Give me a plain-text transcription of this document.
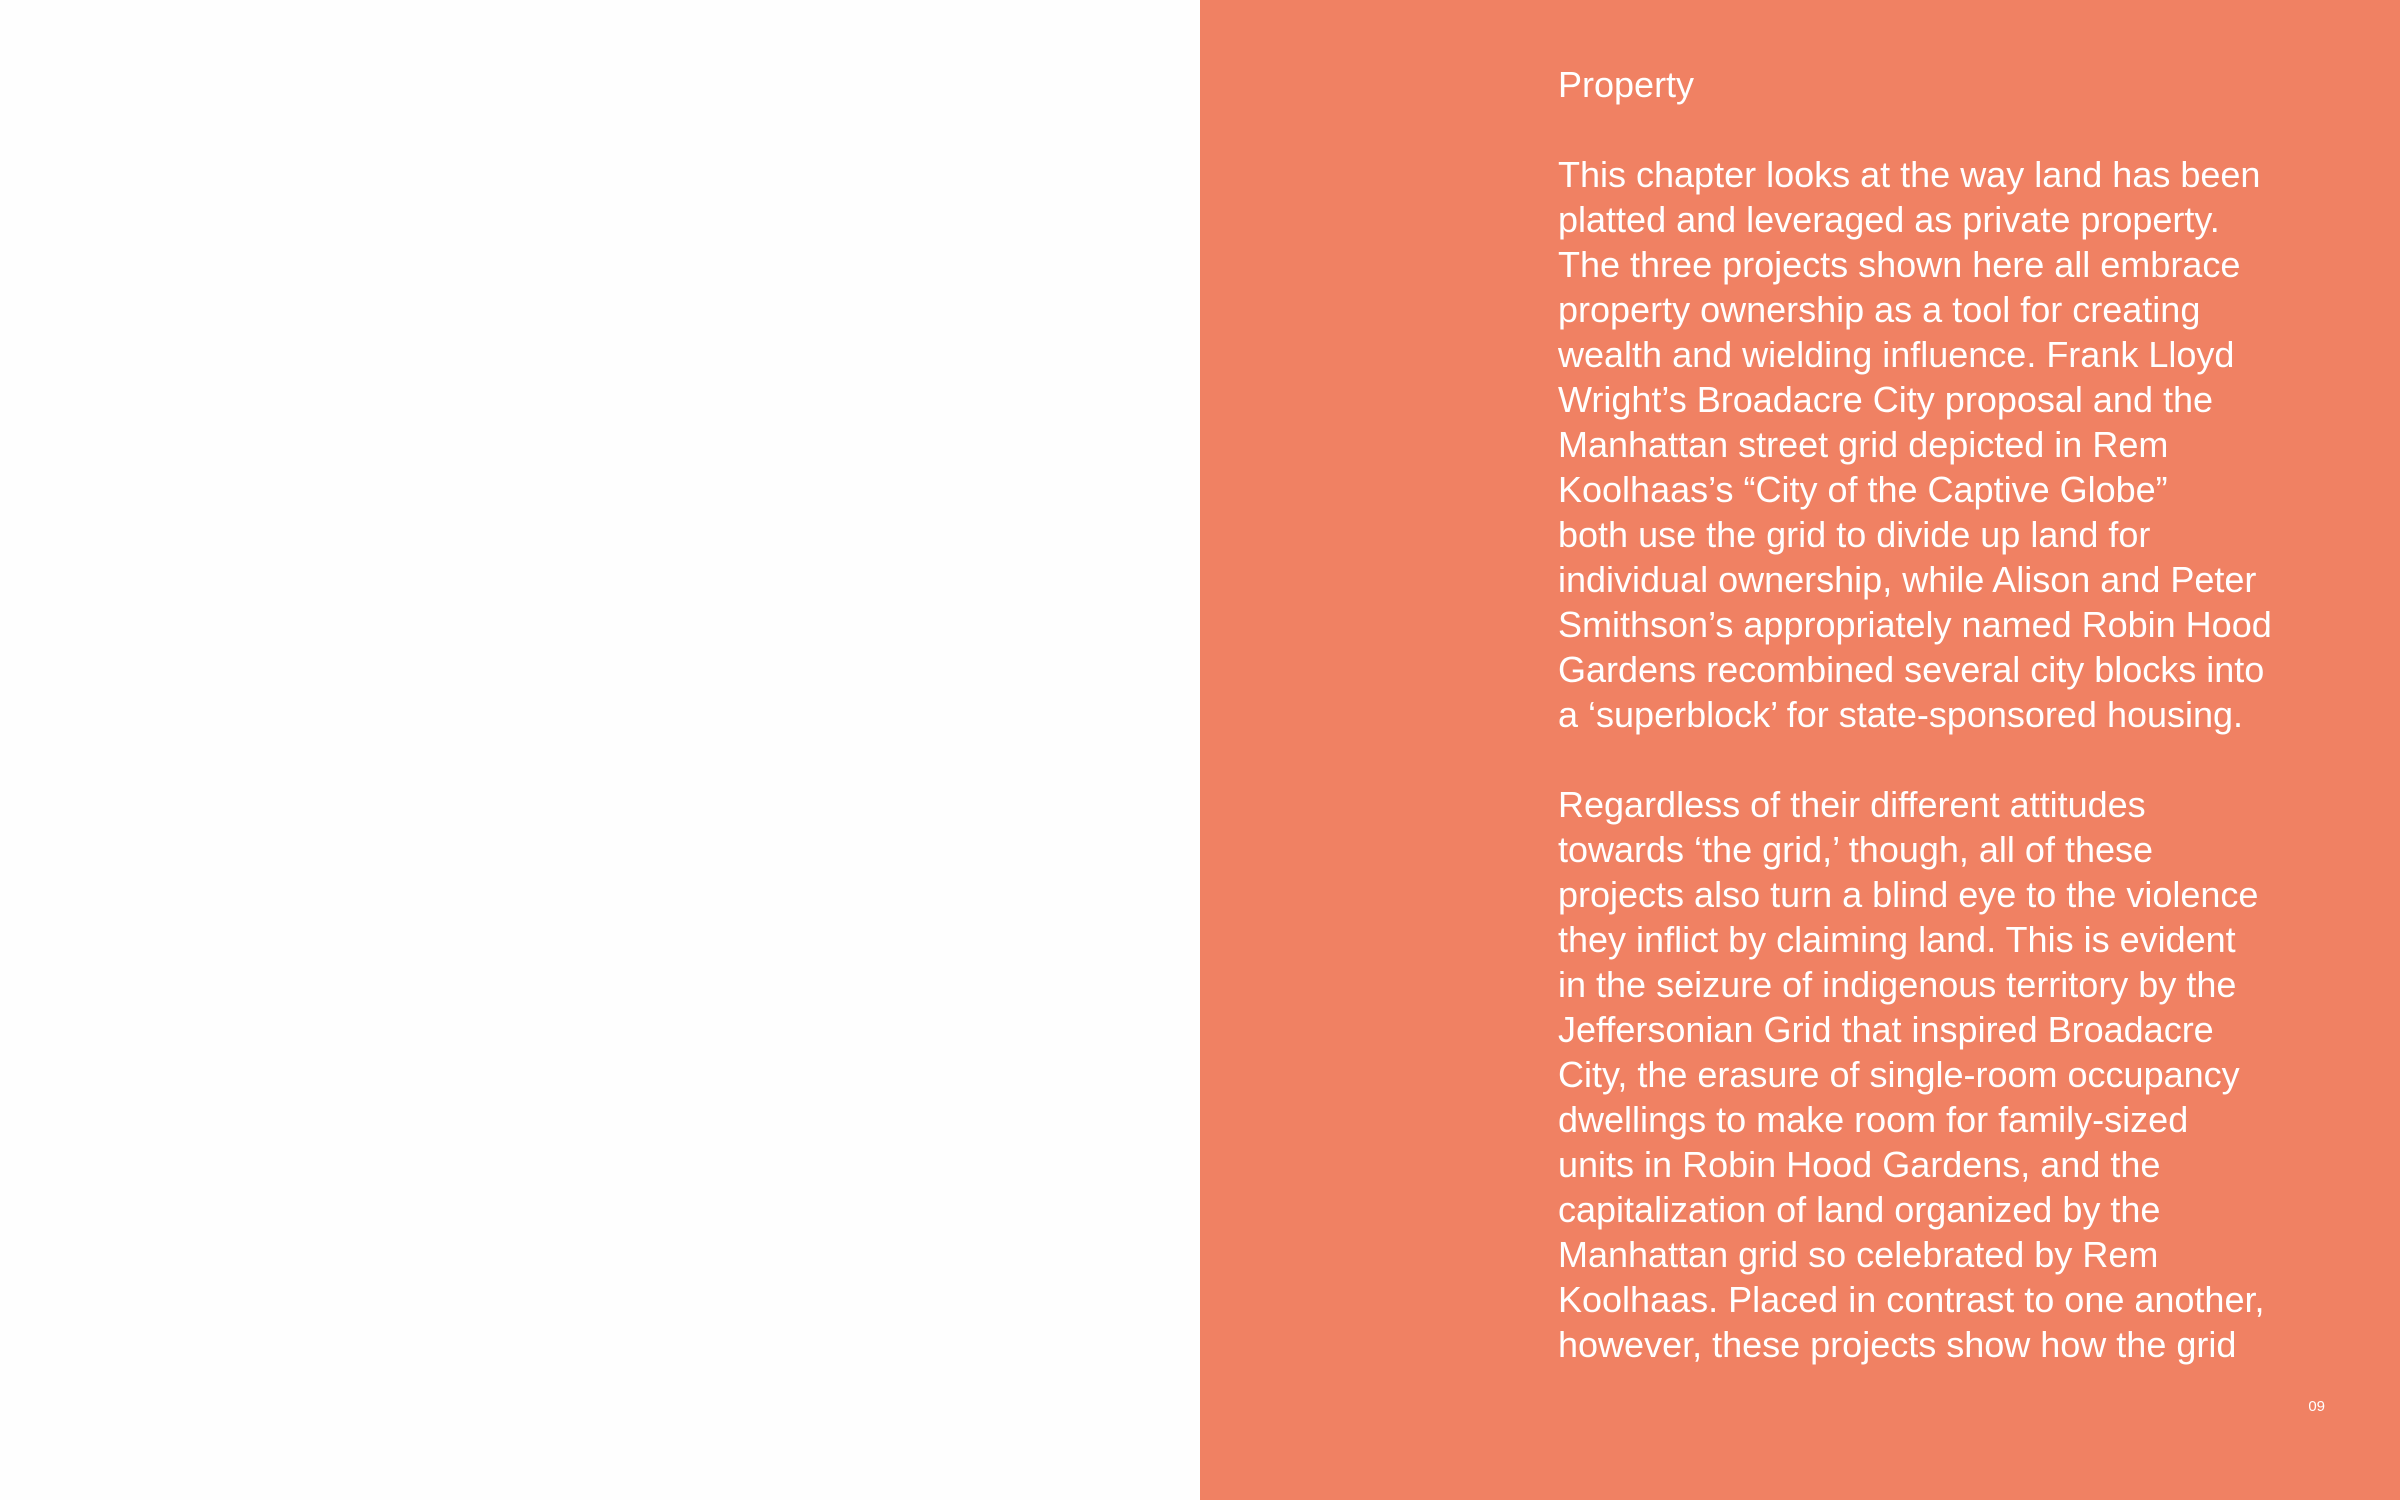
Property

This chapter looks at the way land has been
platted and leveraged as private property.
The three projects shown here all embrace
property ownership as a tool for creating
wealth and wielding influence. Frank Lloyd
Wright’s Broadacre City proposal and the
Manhattan street grid depicted in Rem
Koolhaas’s “City of the Captive Globe”
both use the grid to divide up land for
individual ownership, while Alison and Peter
Smithson’s appropriately named Robin Hood
Gardens recombined several city blocks into
a ‘superblock’ for state-sponsored housing.

Regardless of their different attitudes
towards ‘the grid,’ though, all of these
projects also turn a blind eye to the violence
they inflict by claiming land. This is evident
in the seizure of indigenous territory by the
Jeffersonian Grid that inspired Broadacre
City, the erasure of single-room occupancy
dwellings to make room for family-sized
units in Robin Hood Gardens, and the
capitalization of land organized by the
Manhattan grid so celebrated by Rem
Koolhaas. Placed in contrast to one another,
however, these projects show how the grid

09
